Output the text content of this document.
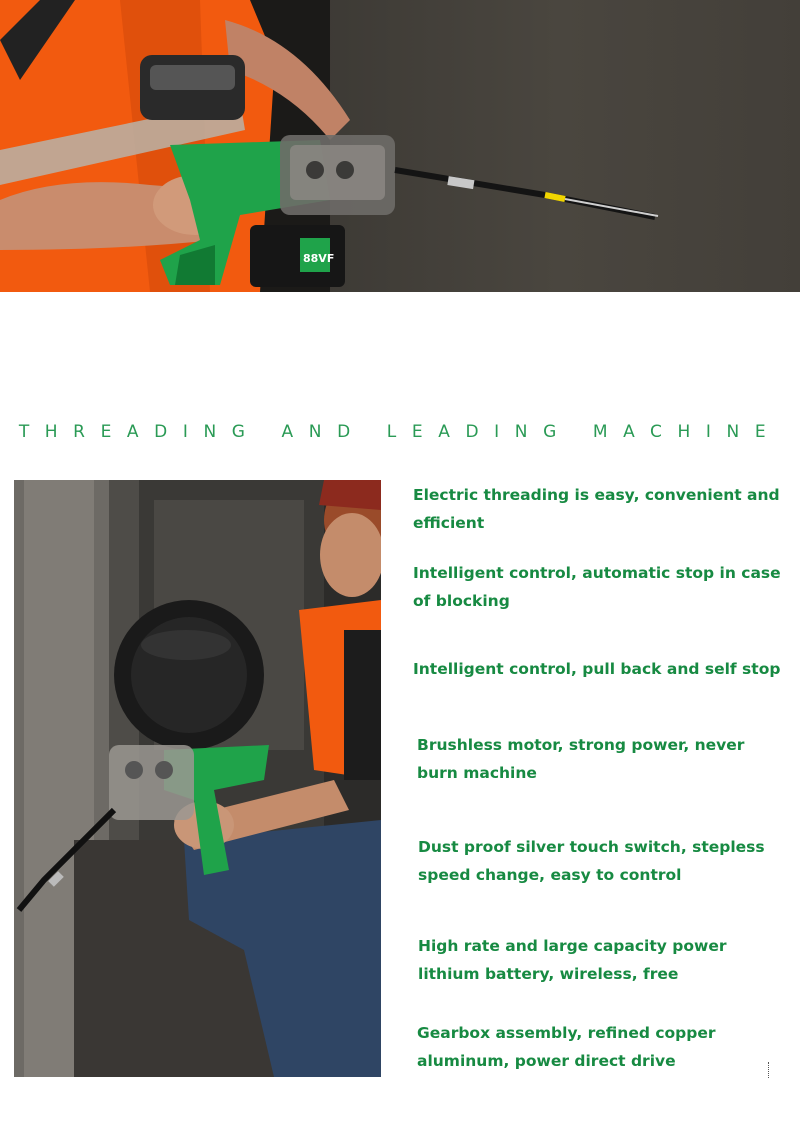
88VF
THREADING AND LEADING MACHINE

Electric threading is easy, convenient and efficient

Intelligent control, automatic stop in case of blocking

Intelligent control, pull back and self stop

Brushless motor, strong power, never burn machine

Dust proof silver touch switch, stepless speed change, easy to control

High rate and large capacity power lithium battery, wireless, free

Gearbox assembly, refined copper aluminum, power direct drive
